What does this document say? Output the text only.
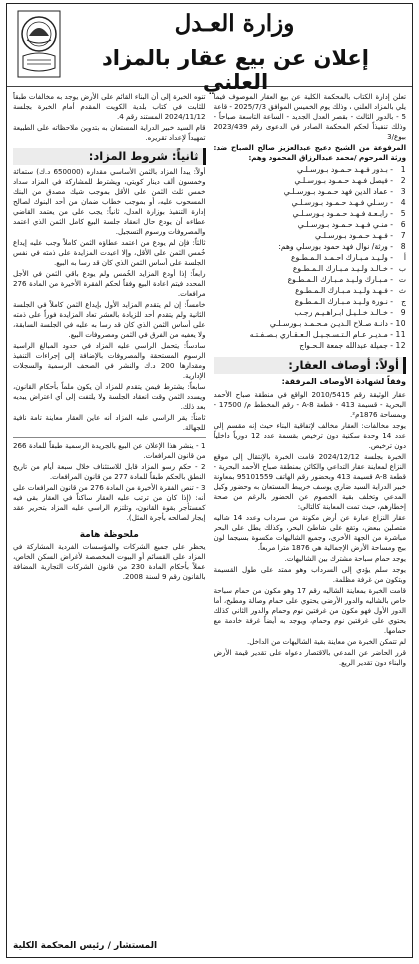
وزارة العـدل
إعلان عن بيع عقار بالمزاد العلني

تعلن إدارة الكتاب بالمحكمة الكلية عن بيع العقار الموصوف فيما يلي بالمزاد العلني ، وذلك يوم الخميس الموافق 2025/7/3 - قاعة 5 - بالدور الثالث - بقصر العدل الجديد - الساعة التاسعة صباحاً - وذلك تنفيذاً لحكم المحكمة الصادر في الدعوى رقم 2023/439 بيوع/3

المرفوعة من الشيخ دعيج عبدالعزيز صالح الصباح ضد: ورثة المرحوم /محمد عبدالرزاق المحمود وهم:

1
- بـدور فـهـد حـمـود بـورسـلـي
2
- فيصل فـهـد حـمـود بـورسـلـي
3
- عماد الدين فهد حـمـود بـورسـلـي
4
- رسـلي فـهـد حـمـود بـورسـلـي
5
- رابـعـة فـهـد حـمـود بـورسـلـي
6
- منـي فـهـد حـمـود بـورسـلـي
7
- فـهـد حـمـود بـورسـلـي
8
- ورثة/ نوال فهد حمود بورسلي وهم:
أ
- ولـيـد مـبـارك احـمـد الـمـطـوع
ب
- خـالـد ولـيـد مـبـارك الـمـطـوع
ت
- مـبـارك ولـيـد مـبـارك الـمـطـوع
ث
- فـهـد ولـيـد مـبـارك الـمـطـوع
ج
- نـورة ولـيـد مـبـارك الـمـطـوع
9
- خـالـد خـلـيـل ابـراهـيـم رجـب
10
- دانـة صـلاح الـديـن مـحـمـد بـورسـلـي
11
- مـديـر عـام الـتـسـجـيـل الـعـقـاري بـصـفـتـه
12
- جميلة عبدالله جمعة الـحـواج
أولاً: أوصاف العقار:
وفقاً لشهادة الأوصاف المرفقة:

عقار الوثيقة رقم 2010/5415 الواقع في منطقة صباح الأحمد البحرية - قسيمة 413 - قطعة A-8 - رقم المخطط م/ 17500 - وبمساحة 1876م².

يوجد مخالفات: العقار مخالف لإتفاقية البناء حيث إنه مقسم إلى عدد 14 وحدة سكنية دون ترخيص بقسمة عدد 12 دورياً داخلياً دون ترخيص.

الخبرة بجلسة 2024/12/12 قامت الخبرة بالإنتقال إلى موقع النزاع لمعاينة عقار التداعي والكائن بمنطقة صباح الأحمد البحرية - قطعة A-8 قسيمة 413 وبحضور رقم الهاتف 95101559 بمعاونة خبير الدراية السيد ضاري يوسف خريبط المستعان به وحضور وكيل المدعي وتخلف بقية الخصوم عن الحضور بالرغم من صحة إخطارهم، حيث تمت المعاينة كالتالي:

عقار النزاع عبارة عن أرض مكونة من سرداب وعدد 14 شاليه متصلين ببعض، وتقع على شاطئ البحر، وكذلك يطل على البحر مباشرة من الجهة الأخرى، وجميع الشاليهات مكسوة بسيجما لون بيج ومساحة الأرض الإجمالية هي 1876 مترا مربعاً.

يوجد حمام سباحة مشترك بين الشاليهات.

يوجد سلم يؤدي إلى السرداب وهو ممتد على طول القسيمة ويتكون من غرفة مظلمة.

قامت الخبرة بمعاينة الشاليه رقم 17 وهو مكون من حمام سباحة خاص بالشاليه والدور الأرضي يحتوي على حمام وصالة ومطبخ، أما الدور الأول فهو مكون من غرفتين نوم وحمام والدور الثاني كذلك يحتوي على غرفتين نوم وحمام، ويوجد به أيضاً غرفة خادمة مع حمامها.

لم تتمكن الخبرة من معاينة بقية الشاليهات من الداخل.

قرر الحاضر عن المدعي بالاقتصار دعواه على تقدير قيمة الأرض والبناء دون تقدير الريع.

تنوه الخبرة إلى أن البناء القائم على الأرض يوجد به مخالفات طبقاً للثابت في كتاب بلدية الكويت المقدم أمام الخبرة بجلسة 2024/11/12 المستند رقم 4.

قام السيد خبير الدراية المستعان به بتدوين ملاحظاته على الطبيعة تمهيداً لإعداد تقريره.

ثانياً: شروط المزاد:

أولاً: يبدأ المزاد بالثمن الأساسي مقداره (650000 د.ك) ستمائة وخمسون ألف دينار كويتي، ويشترط للمشاركة في المزاد سداد خمس ثلث الثمن على الأقل بموجب شيك مصدق من البنك المسحوب عليه، أو بموجب خطاب ضمان من أحد البنوك لصالح إدارة التنفيذ بوزارة العدل، ثانياً: يجب على من يعتمد القاضي عطاءه أن يودع حال انعقاد جلسة البيع كامل الثمن الذي اعتمد والمصروفات ورسوم التسجيل.

ثالثاً: فإن لم يودع من اعتمد عطاؤه الثمن كاملاً وجب عليه إيداع خُمس الثمن على الأقل، وإلا اعيدت المزايدة على ذمته في نفس الجلسة على أساس الثمن الذي كان قد رسا به البيع.

رابعاً: إذا أودع المزايد الخُمس ولم يودع باقي الثمن في الأجل المحدد فيتم اعادة البيع وفقاً لحكم الفقرة الأخيرة من المادة 276 مرافعات.

خامساً: إن لم يتقدم المزايد الأول بإيداع الثمن كاملاً في الجلسة الثانية ولم يتقدم أحد للزيادة بالعشر تعاد المزايدة فوراً على ذمته على أساس الثمن الذي كان قد رسا به عليه في الجلسة السابقة، ولا يعفيه من الفرق في الثمن ومصروفات البيع.

سادساً: يتحمل الراسي عليه المزاد في حدود المبالغ الراسية الرسوم المستحقة والمصروفات بالإضافة إلى إجراءات التنفيذ ومقدارها 200 د.ك والنشر في الصحف الرسمية والسجلات الإدارية.

سابعاً: يشترط فيمن يتقدم للمزاد أن يكون ملماً بأحكام القانون، ويسدد الثمن وقت انعقاد الجلسة ولا يلتفت إلى أي اعتراض يبديه بعد ذلك.

ثامناً: يقر الراسي عليه المزاد أنه عاين العقار معاينة تامة نافية للجهالة.

1 - ينشر هذا الإعلان عن البيع بالجريدة الرسمية طبقاً للمادة 266 من قانون المرافعات.

2 - حكم رسو المزاد قابل للاستئناف خلال سبعة أيام من تاريخ النطق بالحكم طبقاً للمادة 277 من قانون المرافعات.

3 - تنص الفقرة الأخيرة من المادة 276 من قانون المرافعات على أنه: (إذا كان من ترتب عليه العقار ساكناً في العقار بقى فيه كمستأجر بقوة القانون، وتلتزم الراسي عليه المزاد بتحرير عقد إيجار لصالحه بأجرة المثل).

ملحوظة هامة

يحظر على جميع الشركات والمؤسسات الفردية المشاركة في المزاد على القسائم أو البيوت المخصصة لأغراض السكن الخاص، عملاً بأحكام المادة 230 من قانون الشركات التجارية المضافة بالقانون رقم 9 لسنة 2008.

المستشار / رئيس المحكمة الكلية
